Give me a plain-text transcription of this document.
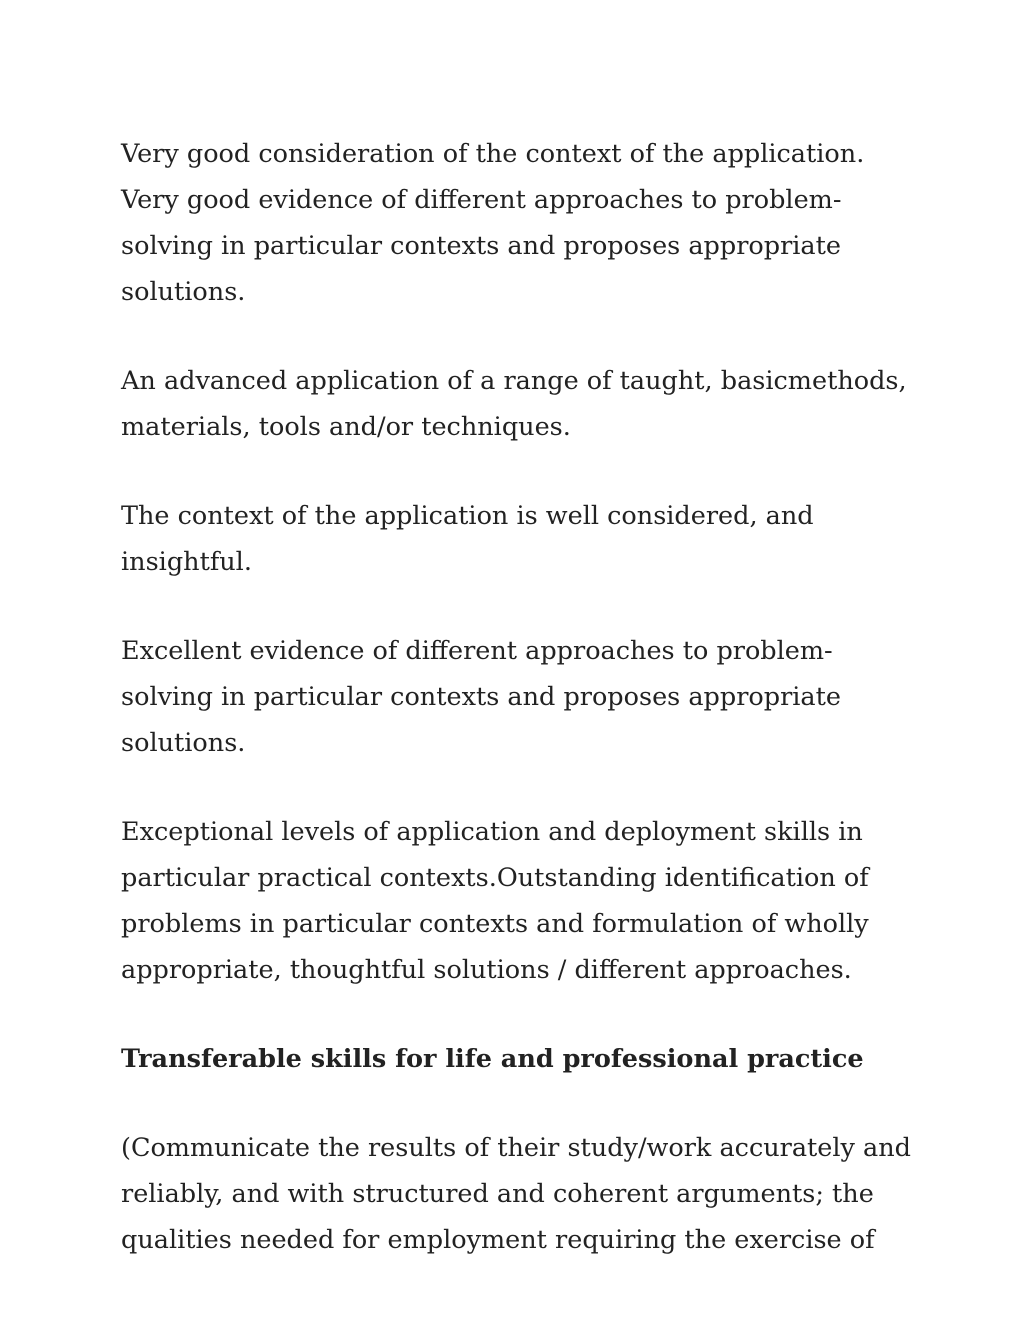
Very good consideration of the context of the application. Very good evidence of different approaches to problem-solving in particular contexts and proposes appropriate solutions.

An advanced application of a range of taught, basicmethods, materials, tools and/or techniques.

The context of the application is well considered, and insightful.

Excellent evidence of different approaches to problem-solving in particular contexts and proposes appropriate solutions.

Exceptional levels of application and deployment skills in particular practical contexts.Outstanding identification of problems in particular contexts and formulation of wholly appropriate, thoughtful solutions / different approaches.

Transferable skills for life and professional practice

(Communicate the results of their study/work accurately and reliably, and with structured and coherent arguments; the qualities needed for employment requiring the exercise of
